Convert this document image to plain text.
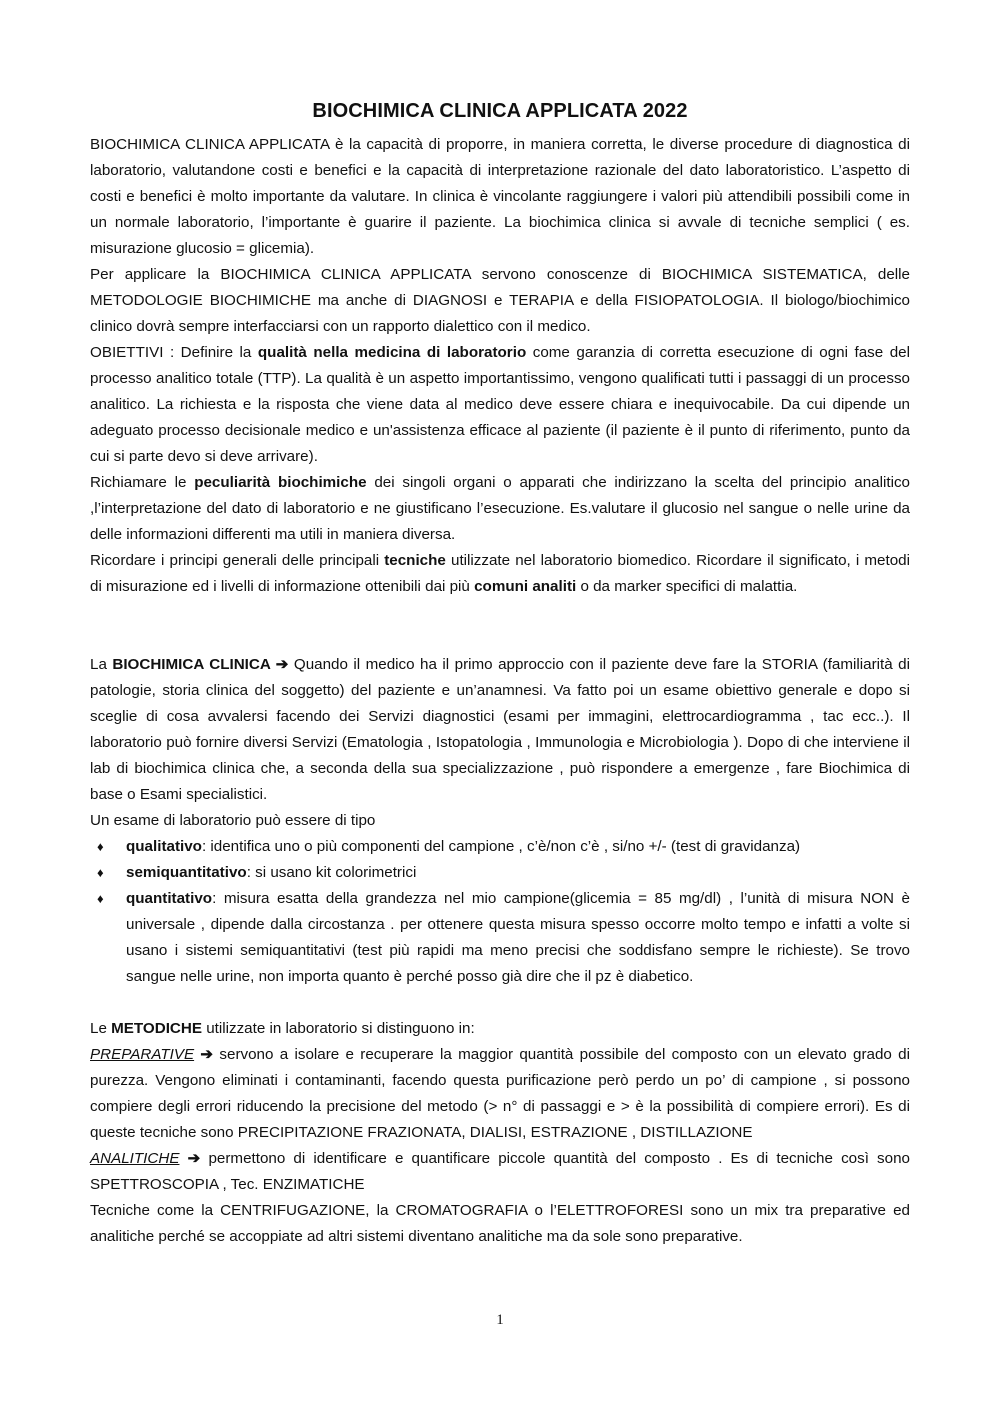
BIOCHIMICA CLINICA APPLICATA 2022

BIOCHIMICA CLINICA APPLICATA è la capacità di proporre, in maniera corretta, le diverse procedure di diagnostica di laboratorio, valutandone costi e benefici e la capacità di interpretazione razionale del dato laboratoristico. L’aspetto di costi e benefici è molto importante da valutare. In clinica è vincolante raggiungere i valori più attendibili possibili come in un normale laboratorio, l’importante è guarire il paziente. La biochimica clinica si avvale di tecniche semplici ( es. misurazione glucosio = glicemia).

Per applicare la BIOCHIMICA CLINICA APPLICATA servono conoscenze di BIOCHIMICA SISTEMATICA, delle METODOLOGIE BIOCHIMICHE ma anche di DIAGNOSI e TERAPIA e della FISIOPATOLOGIA. Il biologo/biochimico clinico dovrà sempre interfacciarsi con un rapporto dialettico con il medico.

OBIETTIVI : Definire la qualità nella medicina di laboratorio come garanzia di corretta esecuzione di ogni fase del processo analitico totale (TTP). La qualità è un aspetto importantissimo, vengono qualificati tutti i passaggi di un processo analitico. La richiesta e la risposta che viene data al medico deve essere chiara e inequivocabile. Da cui dipende un adeguato processo decisionale medico e un'assistenza efficace al paziente (il paziente è il punto di riferimento, punto da cui si parte devo si deve arrivare).

Richiamare le peculiarità biochimiche dei singoli organi o apparati che indirizzano la scelta del principio analitico ,l’interpretazione del dato di laboratorio e ne giustificano l’esecuzione. Es.valutare il glucosio nel sangue o nelle urine da delle informazioni differenti ma utili in maniera diversa.

Ricordare i principi generali delle principali tecniche utilizzate nel laboratorio biomedico. Ricordare il significato, i metodi di misurazione ed i livelli di informazione ottenibili dai più comuni analiti o da marker specifici di malattia.

La BIOCHIMICA CLINICA ➔ Quando il medico ha il primo approccio con il paziente deve fare la STORIA (familiarità di patologie, storia clinica del soggetto) del paziente e un’anamnesi. Va fatto poi un esame obiettivo generale e dopo si sceglie di cosa avvalersi facendo dei Servizi diagnostici (esami per immagini, elettrocardiogramma , tac ecc..). Il laboratorio può fornire diversi Servizi (Ematologia , Istopatologia , Immunologia e Microbiologia ). Dopo di che interviene il lab di biochimica clinica che, a seconda della sua specializzazione , può rispondere a emergenze , fare Biochimica di base o Esami specialistici.

Un esame di laboratorio può essere di tipo

♦ qualitativo: identifica uno o più componenti del campione , c’è/non c’è , si/no +/- (test di gravidanza)
♦ semiquantitativo: si usano kit colorimetrici
♦ quantitativo: misura esatta della grandezza nel mio campione(glicemia = 85 mg/dl) , l’unità di misura NON è universale , dipende dalla circostanza . per ottenere questa misura spesso occorre molto tempo e infatti a volte si usano i sistemi semiquantitativi (test più rapidi ma meno precisi che soddisfano sempre le richieste). Se trovo sangue nelle urine, non importa quanto è perché posso già dire che il pz è diabetico.

Le METODICHE utilizzate in laboratorio si distinguono in:

PREPARATIVE ➔ servono a isolare e recuperare la maggior quantità possibile del composto con un elevato grado di purezza. Vengono eliminati i contaminanti, facendo questa purificazione però perdo un po’ di campione , si possono compiere degli errori riducendo la precisione del metodo (> n° di passaggi e > è la possibilità di compiere errori). Es di queste tecniche sono PRECIPITAZIONE FRAZIONATA, DIALISI, ESTRAZIONE , DISTILLAZIONE

ANALITICHE ➔ permettono di identificare e quantificare piccole quantità del composto . Es di tecniche così sono SPETTROSCOPIA , Tec. ENZIMATICHE

Tecniche come la CENTRIFUGAZIONE, la CROMATOGRAFIA o l’ELETTROFORESI sono un mix tra preparative ed analitiche perché se accoppiate ad altri sistemi diventano analitiche ma da sole sono preparative.

1
